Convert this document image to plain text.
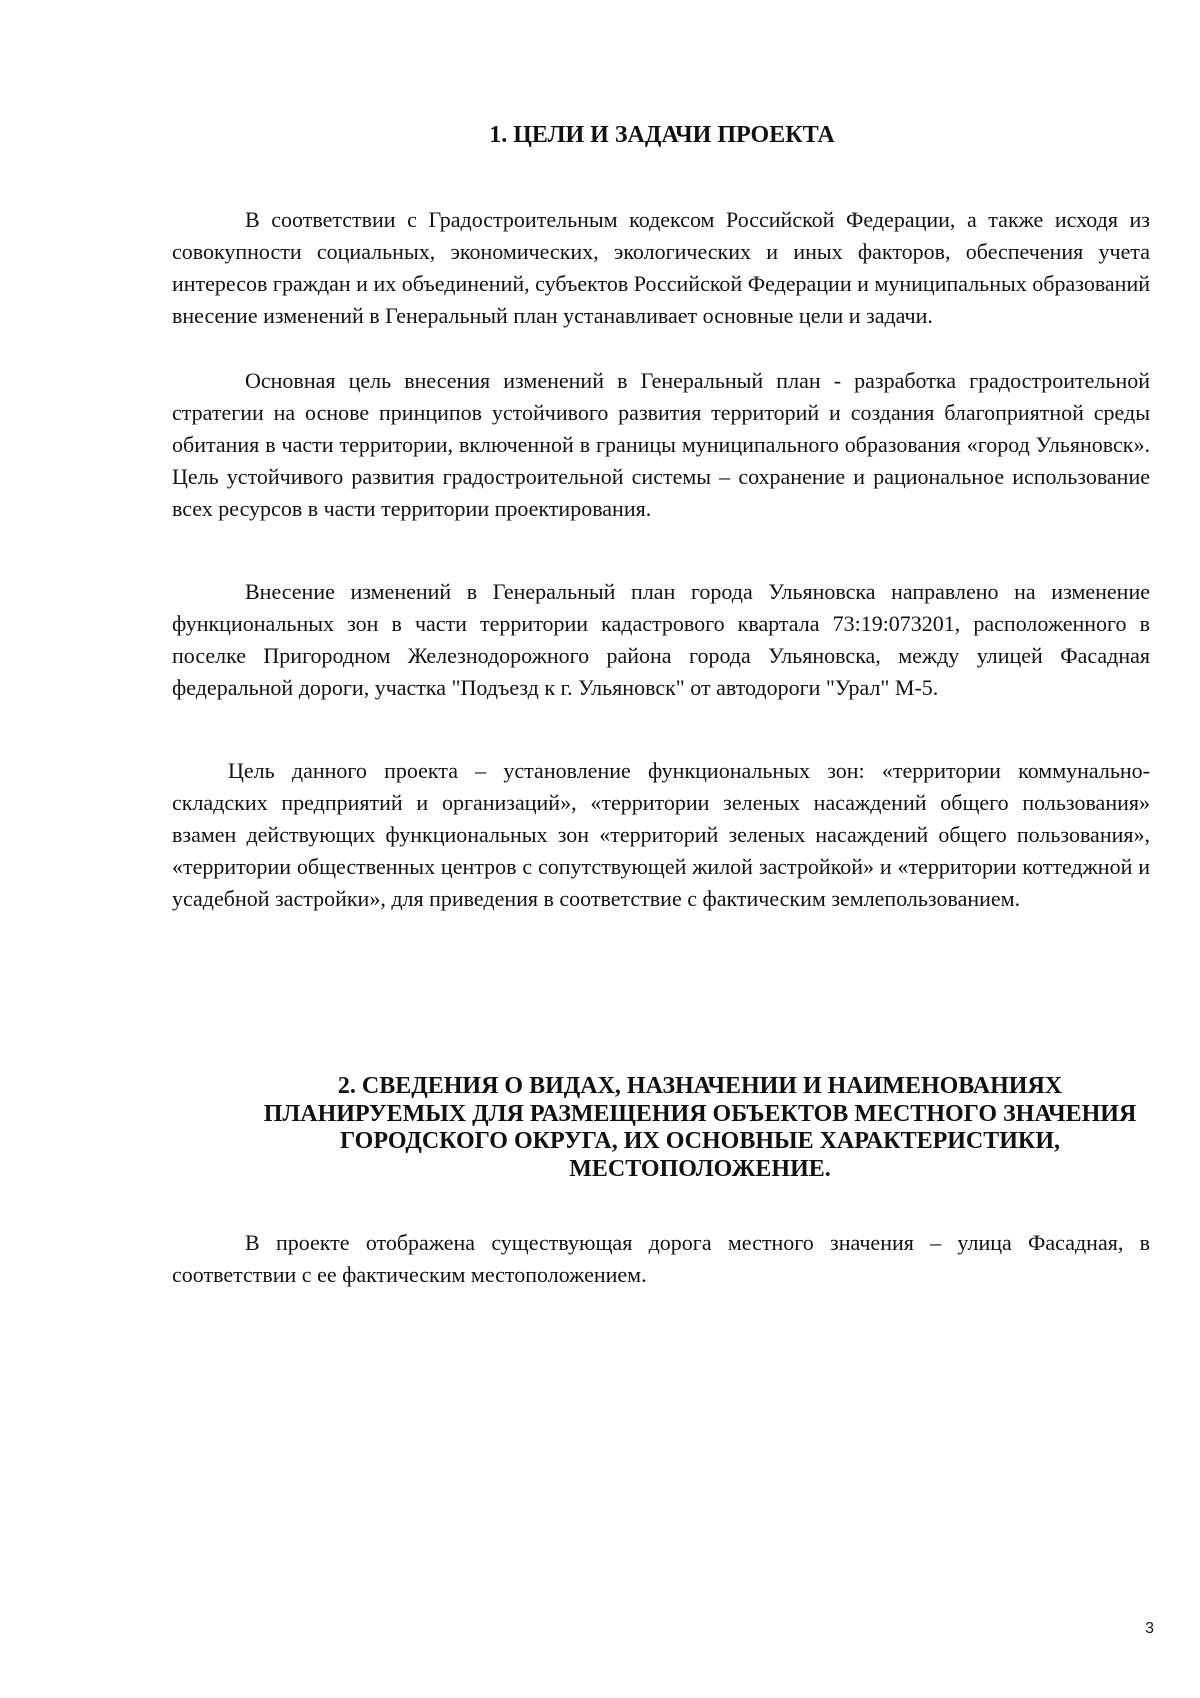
1. ЦЕЛИ И ЗАДАЧИ ПРОЕКТА

В соответствии с Градостроительным кодексом Российской Федерации, а также исходя из совокупности социальных, экономических, экологических и иных факторов, обеспечения учета интересов граждан и их объединений, субъектов Российской Федерации и муниципальных образований внесение изменений в Генеральный план устанавливает основные цели и задачи.

Основная цель внесения изменений в Генеральный план - разработка градостроительной стратегии на основе принципов устойчивого развития территорий и создания благоприятной среды обитания в части территории, включенной в границы муниципального образования «город Ульяновск». Цель устойчивого развития градостроительной системы – сохранение и рациональное использование всех ресурсов в части территории проектирования.

Внесение изменений в Генеральный план города Ульяновска направлено на изменение функциональных зон в части территории кадастрового квартала 73:19:073201, расположенного в поселке Пригородном Железнодорожного района города Ульяновска, между улицей Фасадная федеральной дороги, участка "Подъезд к г. Ульяновск" от автодороги "Урал" М-5.

Цель данного проекта – установление функциональных зон: «территории коммунально-складских предприятий и организаций», «территории зеленых насаждений общего пользования» взамен действующих функциональных зон «территорий зеленых насаждений общего пользования», «территории общественных центров с сопутствующей жилой застройкой» и «территории коттеджной и усадебной застройки», для приведения в соответствие с фактическим землепользованием.

2. СВЕДЕНИЯ О ВИДАХ, НАЗНАЧЕНИИ И НАИМЕНОВАНИЯХ ПЛАНИРУЕМЫХ ДЛЯ РАЗМЕЩЕНИЯ ОБЪЕКТОВ МЕСТНОГО ЗНАЧЕНИЯ ГОРОДСКОГО ОКРУГА, ИХ ОСНОВНЫЕ ХАРАКТЕРИСТИКИ, МЕСТОПОЛОЖЕНИЕ.

В проекте отображена существующая дорога местного значения – улица Фасадная, в соответствии с ее фактическим местоположением.

3
